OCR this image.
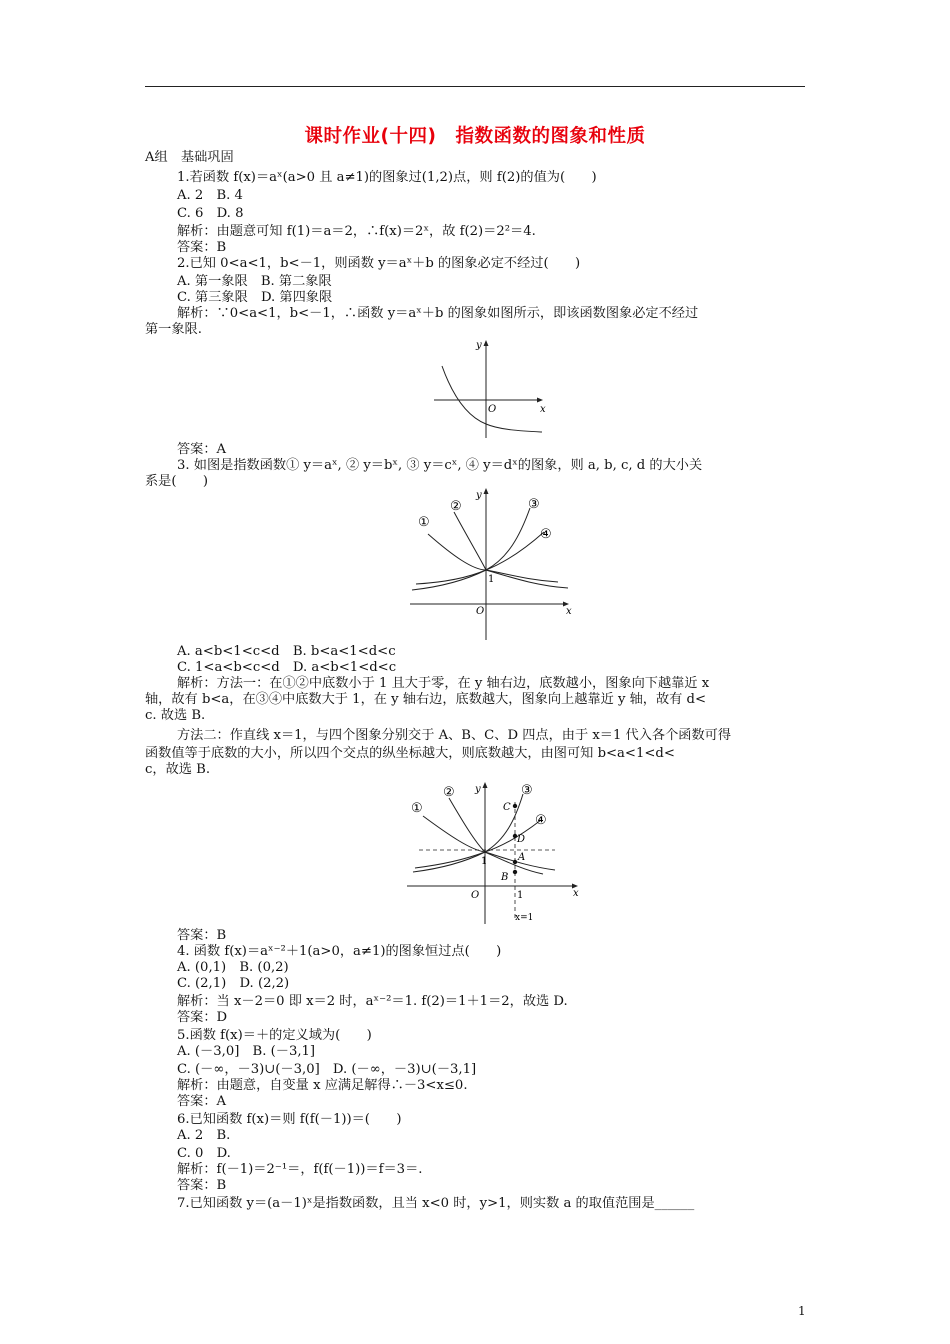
课时作业(十四)　指数函数的图象和性质
A组　基础巩固
1.若函数 f(x)＝aˣ(a>0 且 a≠1)的图象过(1,2)点，则 f(2)的值为(　　)
A. 2　B. 4
C. 6　D. 8
解析：由题意可知 f(1)＝a＝2，∴f(x)＝2ˣ，故 f(2)＝2²＝4.
答案：B
2.已知 0<a<1，b<－1，则函数 y＝aˣ＋b 的图象必定不经过(　　)
A. 第一象限　B. 第二象限
C. 第三象限　D. 第四象限
解析：∵0<a<1，b<－1，∴函数 y＝aˣ＋b 的图象如图所示，即该函数图象必定不经过
第一象限.
答案：A
3. 如图是指数函数① y＝aˣ, ② y＝bˣ, ③ y＝cˣ, ④ y＝dˣ的图象，则 a, b, c, d 的大小关
系是(　　)
A. a<b<1<c<d　B. b<a<1<d<c
C. 1<a<b<c<d　D. a<b<1<d<c
解析：方法一：在①②中底数小于 1 且大于零，在 y 轴右边，底数越小，图象向下越靠近 x
轴，故有 b<a，在③④中底数大于 1，在 y 轴右边，底数越大，图象向上越靠近 y 轴，故有 d<
c. 故选 B.
方法二：作直线 x＝1，与四个图象分别交于 A、B、C、D 四点，由于 x＝1 代入各个函数可得
函数值等于底数的大小，所以四个交点的纵坐标越大，则底数越大，由图可知 b<a<1<d<
c，故选 B.
答案：B
4. 函数 f(x)＝aˣ⁻²＋1(a>0，a≠1)的图象恒过点(　　)
A. (0,1)　B. (0,2)
C. (2,1)　D. (2,2)
解析：当 x－2＝0 即 x＝2 时，aˣ⁻²＝1. f(2)＝1＋1＝2，故选 D.
答案：D
5.函数 f(x)＝＋的定义域为(　　)
A. (－3,0]　B. (－3,1]
C. (－∞，－3)∪(－3,0]　D. (－∞，－3)∪(－3,1]
解析：由题意，自变量 x 应满足解得∴－3<x≤0.
答案：A
6.已知函数 f(x)＝则 f(f(－1))＝(　　)
A. 2　B.
C. 0　D.
解析：f(－1)＝2⁻¹＝，f(f(－1))＝f＝3＝.
答案：B
7.已知函数 y＝(a－1)ˣ是指数函数，且当 x<0 时，y>1，则实数 a 的取值范围是______
y
x
O
y
x
O
1
①
②	③
④
y
x
O
1
1
x=1
①
②	③
④
C
D
A
B
1
